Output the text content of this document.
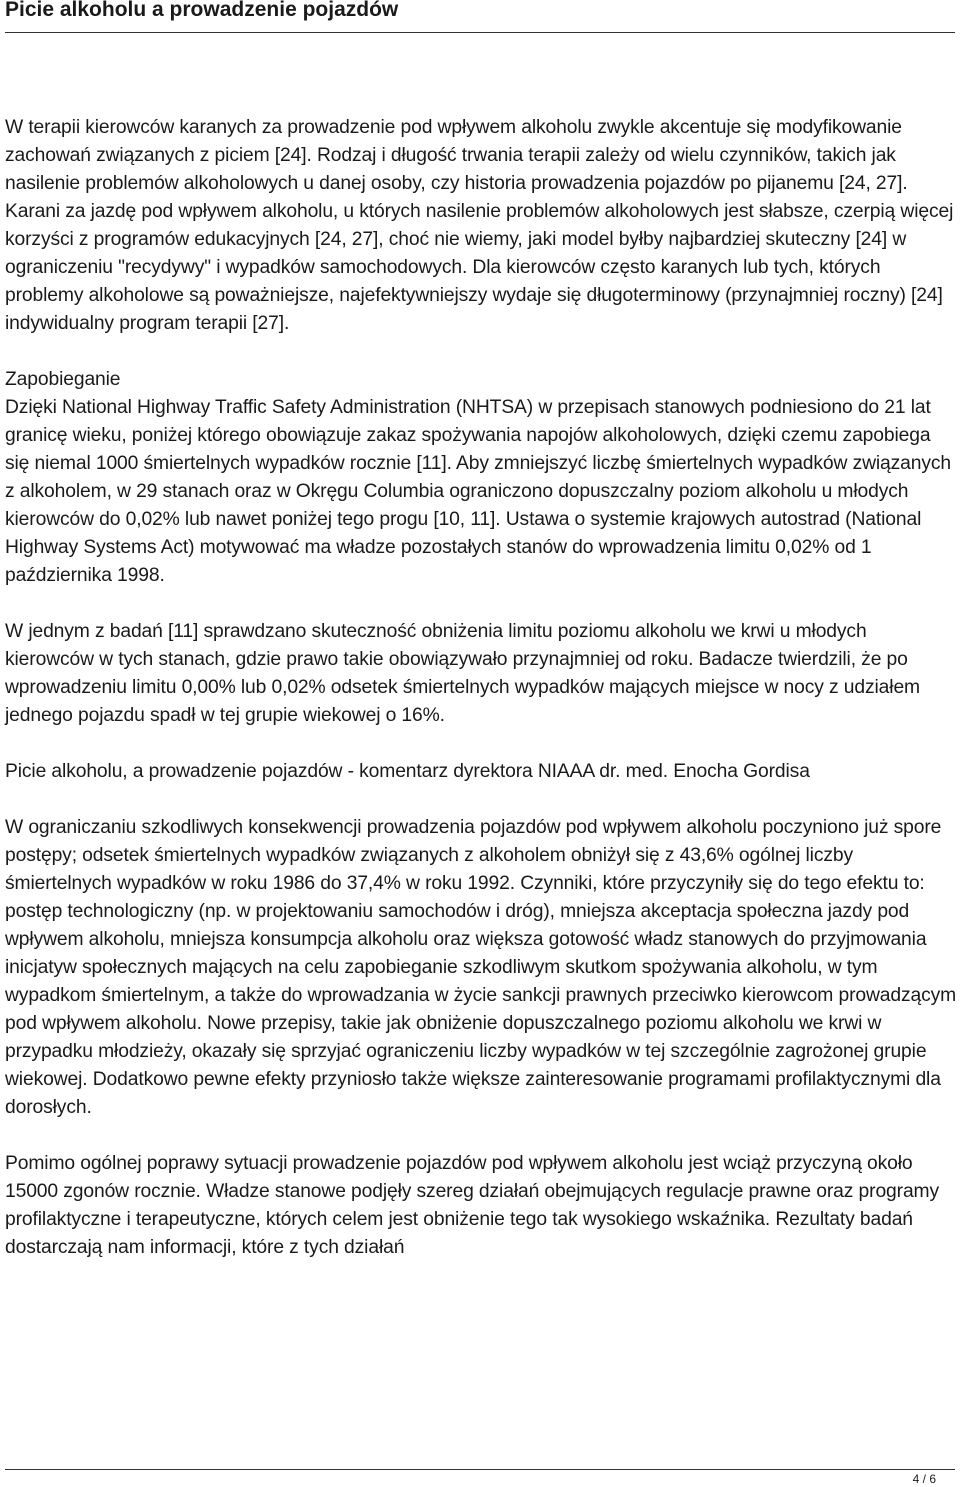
Picie alkoholu a prowadzenie pojazdów

W terapii kierowców karanych za prowadzenie pod wpływem alkoholu zwykle akcentuje się modyfikowanie zachowań związanych z piciem [24]. Rodzaj i długość trwania terapii zależy od wielu czynników, takich jak nasilenie problemów alkoholowych u danej osoby, czy historia prowadzenia pojazdów po pijanemu [24, 27]. Karani za jazdę pod wpływem alkoholu, u których nasilenie problemów alkoholowych jest słabsze, czerpią więcej korzyści z programów edukacyjnych [24, 27], choć nie wiemy, jaki model byłby najbardziej skuteczny [24] w ograniczeniu "recydywy" i wypadków samochodowych. Dla kierowców często karanych lub tych, których problemy alkoholowe są poważniejsze, najefektywniejszy wydaje się długoterminowy (przynajmniej roczny) [24] indywidualny program terapii [27].

Zapobieganie

Dzięki National Highway Traffic Safety Administration (NHTSA) w przepisach stanowych podniesiono do 21 lat granicę wieku, poniżej którego obowiązuje zakaz spożywania napojów alkoholowych, dzięki czemu zapobiega się niemal 1000 śmiertelnych wypadków rocznie [11]. Aby zmniejszyć liczbę śmiertelnych wypadków związanych z alkoholem, w 29 stanach oraz w Okręgu Columbia ograniczono dopuszczalny poziom alkoholu u młodych kierowców do 0,02% lub nawet poniżej tego progu [10, 11]. Ustawa o systemie krajowych autostrad (National Highway Systems Act) motywować ma władze pozostałych stanów do wprowadzenia limitu 0,02% od 1 października 1998.

W jednym z badań [11] sprawdzano skuteczność obniżenia limitu poziomu alkoholu we krwi u młodych kierowców w tych stanach, gdzie prawo takie obowiązywało przynajmniej od roku. Badacze twierdzili, że po wprowadzeniu limitu 0,00% lub 0,02% odsetek śmiertelnych wypadków mających miejsce w nocy z udziałem jednego pojazdu spadł w tej grupie wiekowej o 16%.

Picie alkoholu, a prowadzenie pojazdów - komentarz dyrektora NIAAA dr. med. Enocha Gordisa

W ograniczaniu szkodliwych konsekwencji prowadzenia pojazdów pod wpływem alkoholu poczyniono już spore postępy; odsetek śmiertelnych wypadków związanych z alkoholem obniżył się z 43,6% ogólnej liczby śmiertelnych wypadków w roku 1986 do 37,4% w roku 1992. Czynniki, które przyczyniły się do tego efektu to: postęp technologiczny (np. w projektowaniu samochodów i dróg), mniejsza akceptacja społeczna jazdy pod wpływem alkoholu, mniejsza konsumpcja alkoholu oraz większa gotowość władz stanowych do przyjmowania inicjatyw społecznych mających na celu zapobieganie szkodliwym skutkom spożywania alkoholu, w tym wypadkom śmiertelnym, a także do wprowadzania w życie sankcji prawnych przeciwko kierowcom prowadzącym pod wpływem alkoholu. Nowe przepisy, takie jak obniżenie dopuszczalnego poziomu alkoholu we krwi w przypadku młodzieży, okazały się sprzyjać ograniczeniu liczby wypadków w tej szczególnie zagrożonej grupie wiekowej. Dodatkowo pewne efekty przyniosło także większe zainteresowanie programami profilaktycznymi dla dorosłych.

Pomimo ogólnej poprawy sytuacji prowadzenie pojazdów pod wpływem alkoholu jest wciąż przyczyną około 15000 zgonów rocznie. Władze stanowe podjęły szereg działań obejmujących regulacje prawne oraz programy profilaktyczne i terapeutyczne, których celem jest obniżenie tego tak wysokiego wskaźnika. Rezultaty badań dostarczają nam informacji, które z tych działań

4 / 6
